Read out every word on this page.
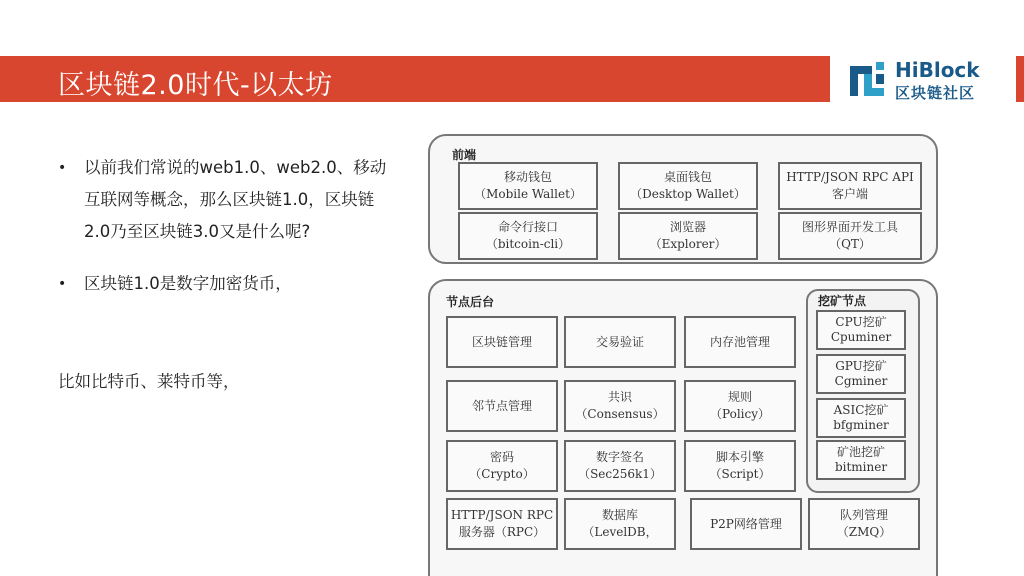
区块链2.0时代-以太坊	HiBlock
区块链社区
• 以前我们常说的web1.0、web2.0、移动互联网等概念，那么区块链1.0，区块链2.0乃至区块链3.0又是什么呢?
• 区块链1.0是数字加密货币，
比如比特币、莱特币等，
前端
移动钱包
（Mobile Wallet）
桌面钱包
（Desktop Wallet）
HTTP/JSON RPC API
客户端
命令行接口
（bitcoin-cli）
浏览器
（Explorer）
图形界面开发工具
（QT）
节点后台
区块链管理	交易验证	内存池管理
邻节点管理
共识
（Consensus）
规则
（Policy）
密码
（Crypto）
数字签名
（Sec256k1）
脚本引擎
（Script）
HTTP/JSON RPC
服务器（RPC）
数据库
（LevelDB，
P2P网络管理
队列管理
（ZMQ）
挖矿节点
CPU挖矿
Cpuminer
GPU挖矿
Cgminer
ASIC挖矿
bfgminer
矿池挖矿
bitminer
